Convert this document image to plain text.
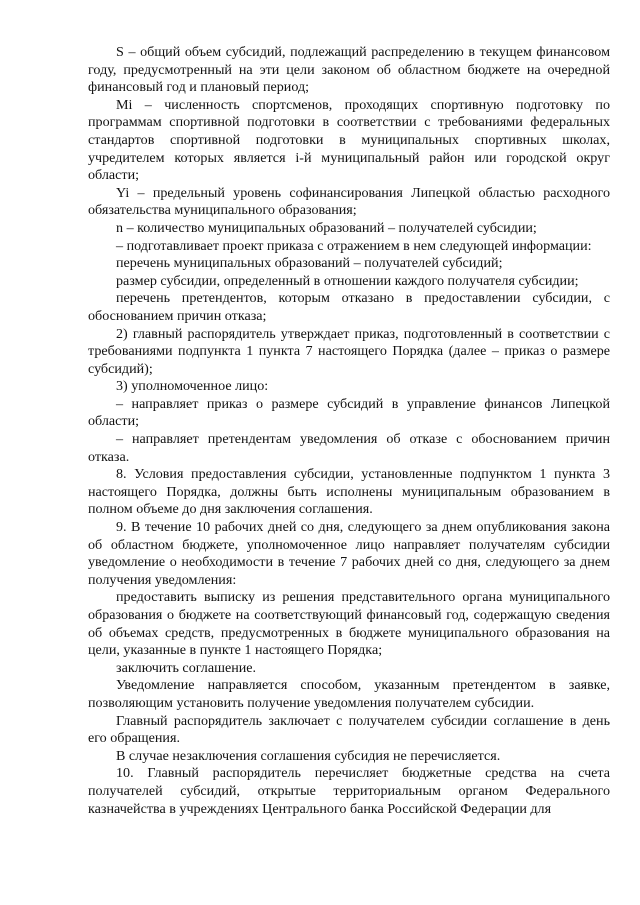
S – общий объем субсидий, подлежащий распределению в текущем финансовом году, предусмотренный на эти цели законом об областном бюджете на очередной финансовый год и плановый период;

Mi – численность спортсменов, проходящих спортивную подготовку по программам спортивной подготовки в соответствии с требованиями федеральных стандартов спортивной подготовки в муниципальных спортивных школах, учредителем которых является i-й муниципальный район или городской округ области;

Yi – предельный уровень софинансирования Липецкой областью расходного обязательства муниципального образования;

n – количество муниципальных образований – получателей субсидии;

– подготавливает проект приказа с отражением в нем следующей информации:

перечень муниципальных образований – получателей субсидий;

размер субсидии, определенный в отношении каждого получателя субсидии;

перечень претендентов, которым отказано в предоставлении субсидии, с обоснованием причин отказа;

2) главный распорядитель утверждает приказ, подготовленный в соответствии с требованиями подпункта 1 пункта 7 настоящего Порядка (далее – приказ о размере субсидий);

3) уполномоченное лицо:

– направляет приказ о размере субсидий в управление финансов Липецкой области;

– направляет претендентам уведомления об отказе с обоснованием причин отказа.

8. Условия предоставления субсидии, установленные подпунктом 1 пункта 3 настоящего Порядка, должны быть исполнены муниципальным образованием в полном объеме до дня заключения соглашения.

9. В течение 10 рабочих дней со дня, следующего за днем опубликования закона об областном бюджете, уполномоченное лицо направляет получателям субсидии уведомление о необходимости в течение 7 рабочих дней со дня, следующего за днем получения уведомления:

предоставить выписку из решения представительного органа муниципального образования о бюджете на соответствующий финансовый год, содержащую сведения об объемах средств, предусмотренных в бюджете муниципального образования на цели, указанные в пункте 1 настоящего Порядка;

заключить соглашение.

Уведомление направляется способом, указанным претендентом в заявке, позволяющим установить получение уведомления получателем субсидии.

Главный распорядитель заключает с получателем субсидии соглашение в день его обращения.

В случае незаключения соглашения субсидия не перечисляется.

10. Главный распорядитель перечисляет бюджетные средства на счета получателей субсидий, открытые территориальным органом Федерального казначейства в учреждениях Центрального банка Российской Федерации для
